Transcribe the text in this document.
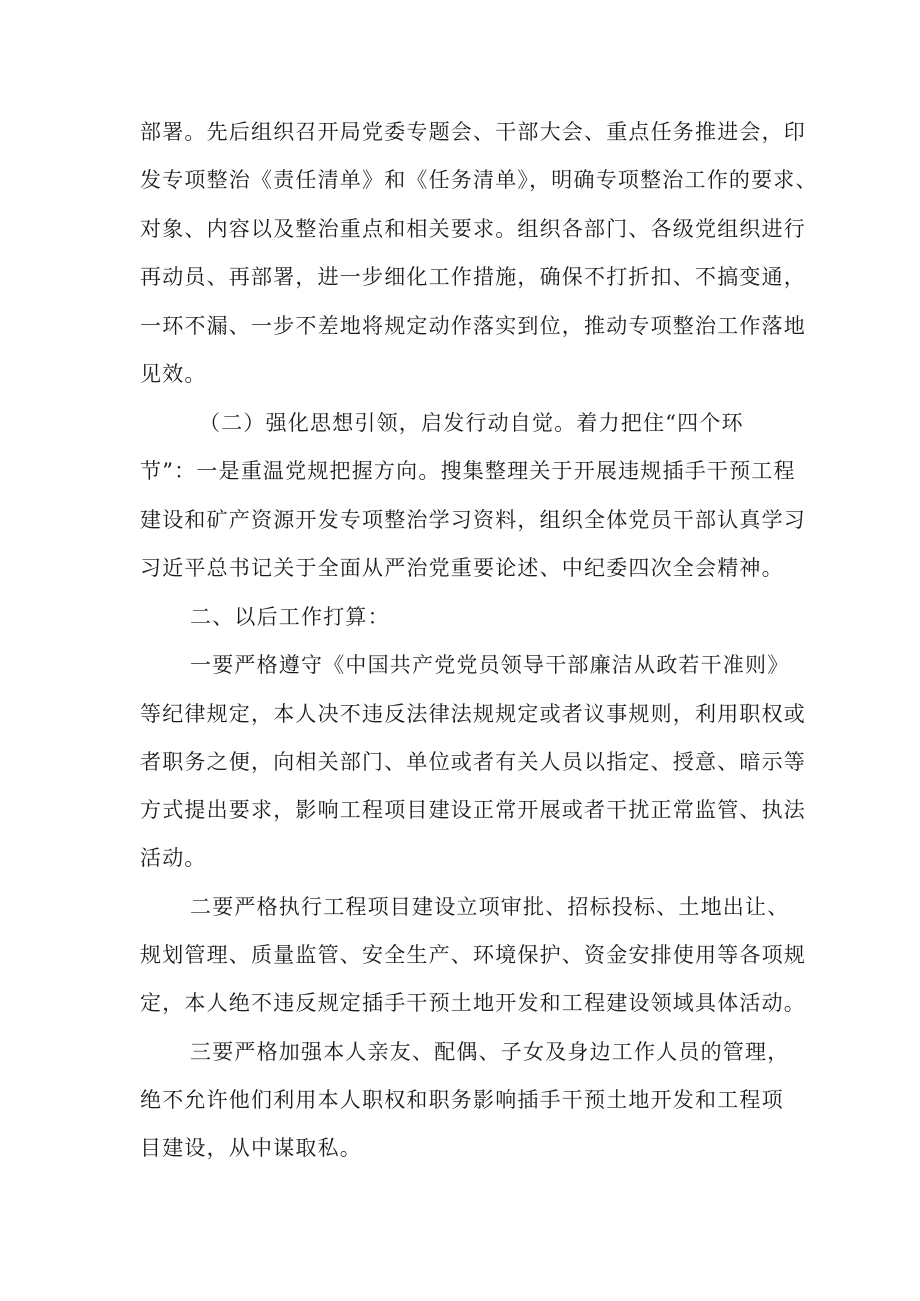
部署。先后组织召开局党委专题会、干部大会、重点任务推进会，印
发专项整治《责任清单》和《任务清单》，明确专项整治工作的要求、
对象、内容以及整治重点和相关要求。组织各部门、各级党组织进行
再动员、再部署，进一步细化工作措施，确保不打折扣、不搞变通，
一环不漏、一步不差地将规定动作落实到位，推动专项整治工作落地
见效。
（二）强化思想引领，启发行动自觉。着力把住“四个环
节”：一是重温党规把握方向。搜集整理关于开展违规插手干预工程
建设和矿产资源开发专项整治学习资料，组织全体党员干部认真学习
习近平总书记关于全面从严治党重要论述、中纪委四次全会精神。
二、以后工作打算：
一要严格遵守《中国共产党党员领导干部廉洁从政若干准则》
等纪律规定，本人决不违反法律法规规定或者议事规则，利用职权或
者职务之便，向相关部门、单位或者有关人员以指定、授意、暗示等
方式提出要求，影响工程项目建设正常开展或者干扰正常监管、执法
活动。
二要严格执行工程项目建设立项审批、招标投标、土地出让、
规划管理、质量监管、安全生产、环境保护、资金安排使用等各项规
定，本人绝不违反规定插手干预土地开发和工程建设领域具体活动。
三要严格加强本人亲友、配偶、子女及身边工作人员的管理，
绝不允许他们利用本人职权和职务影响插手干预土地开发和工程项
目建设，从中谋取私。
